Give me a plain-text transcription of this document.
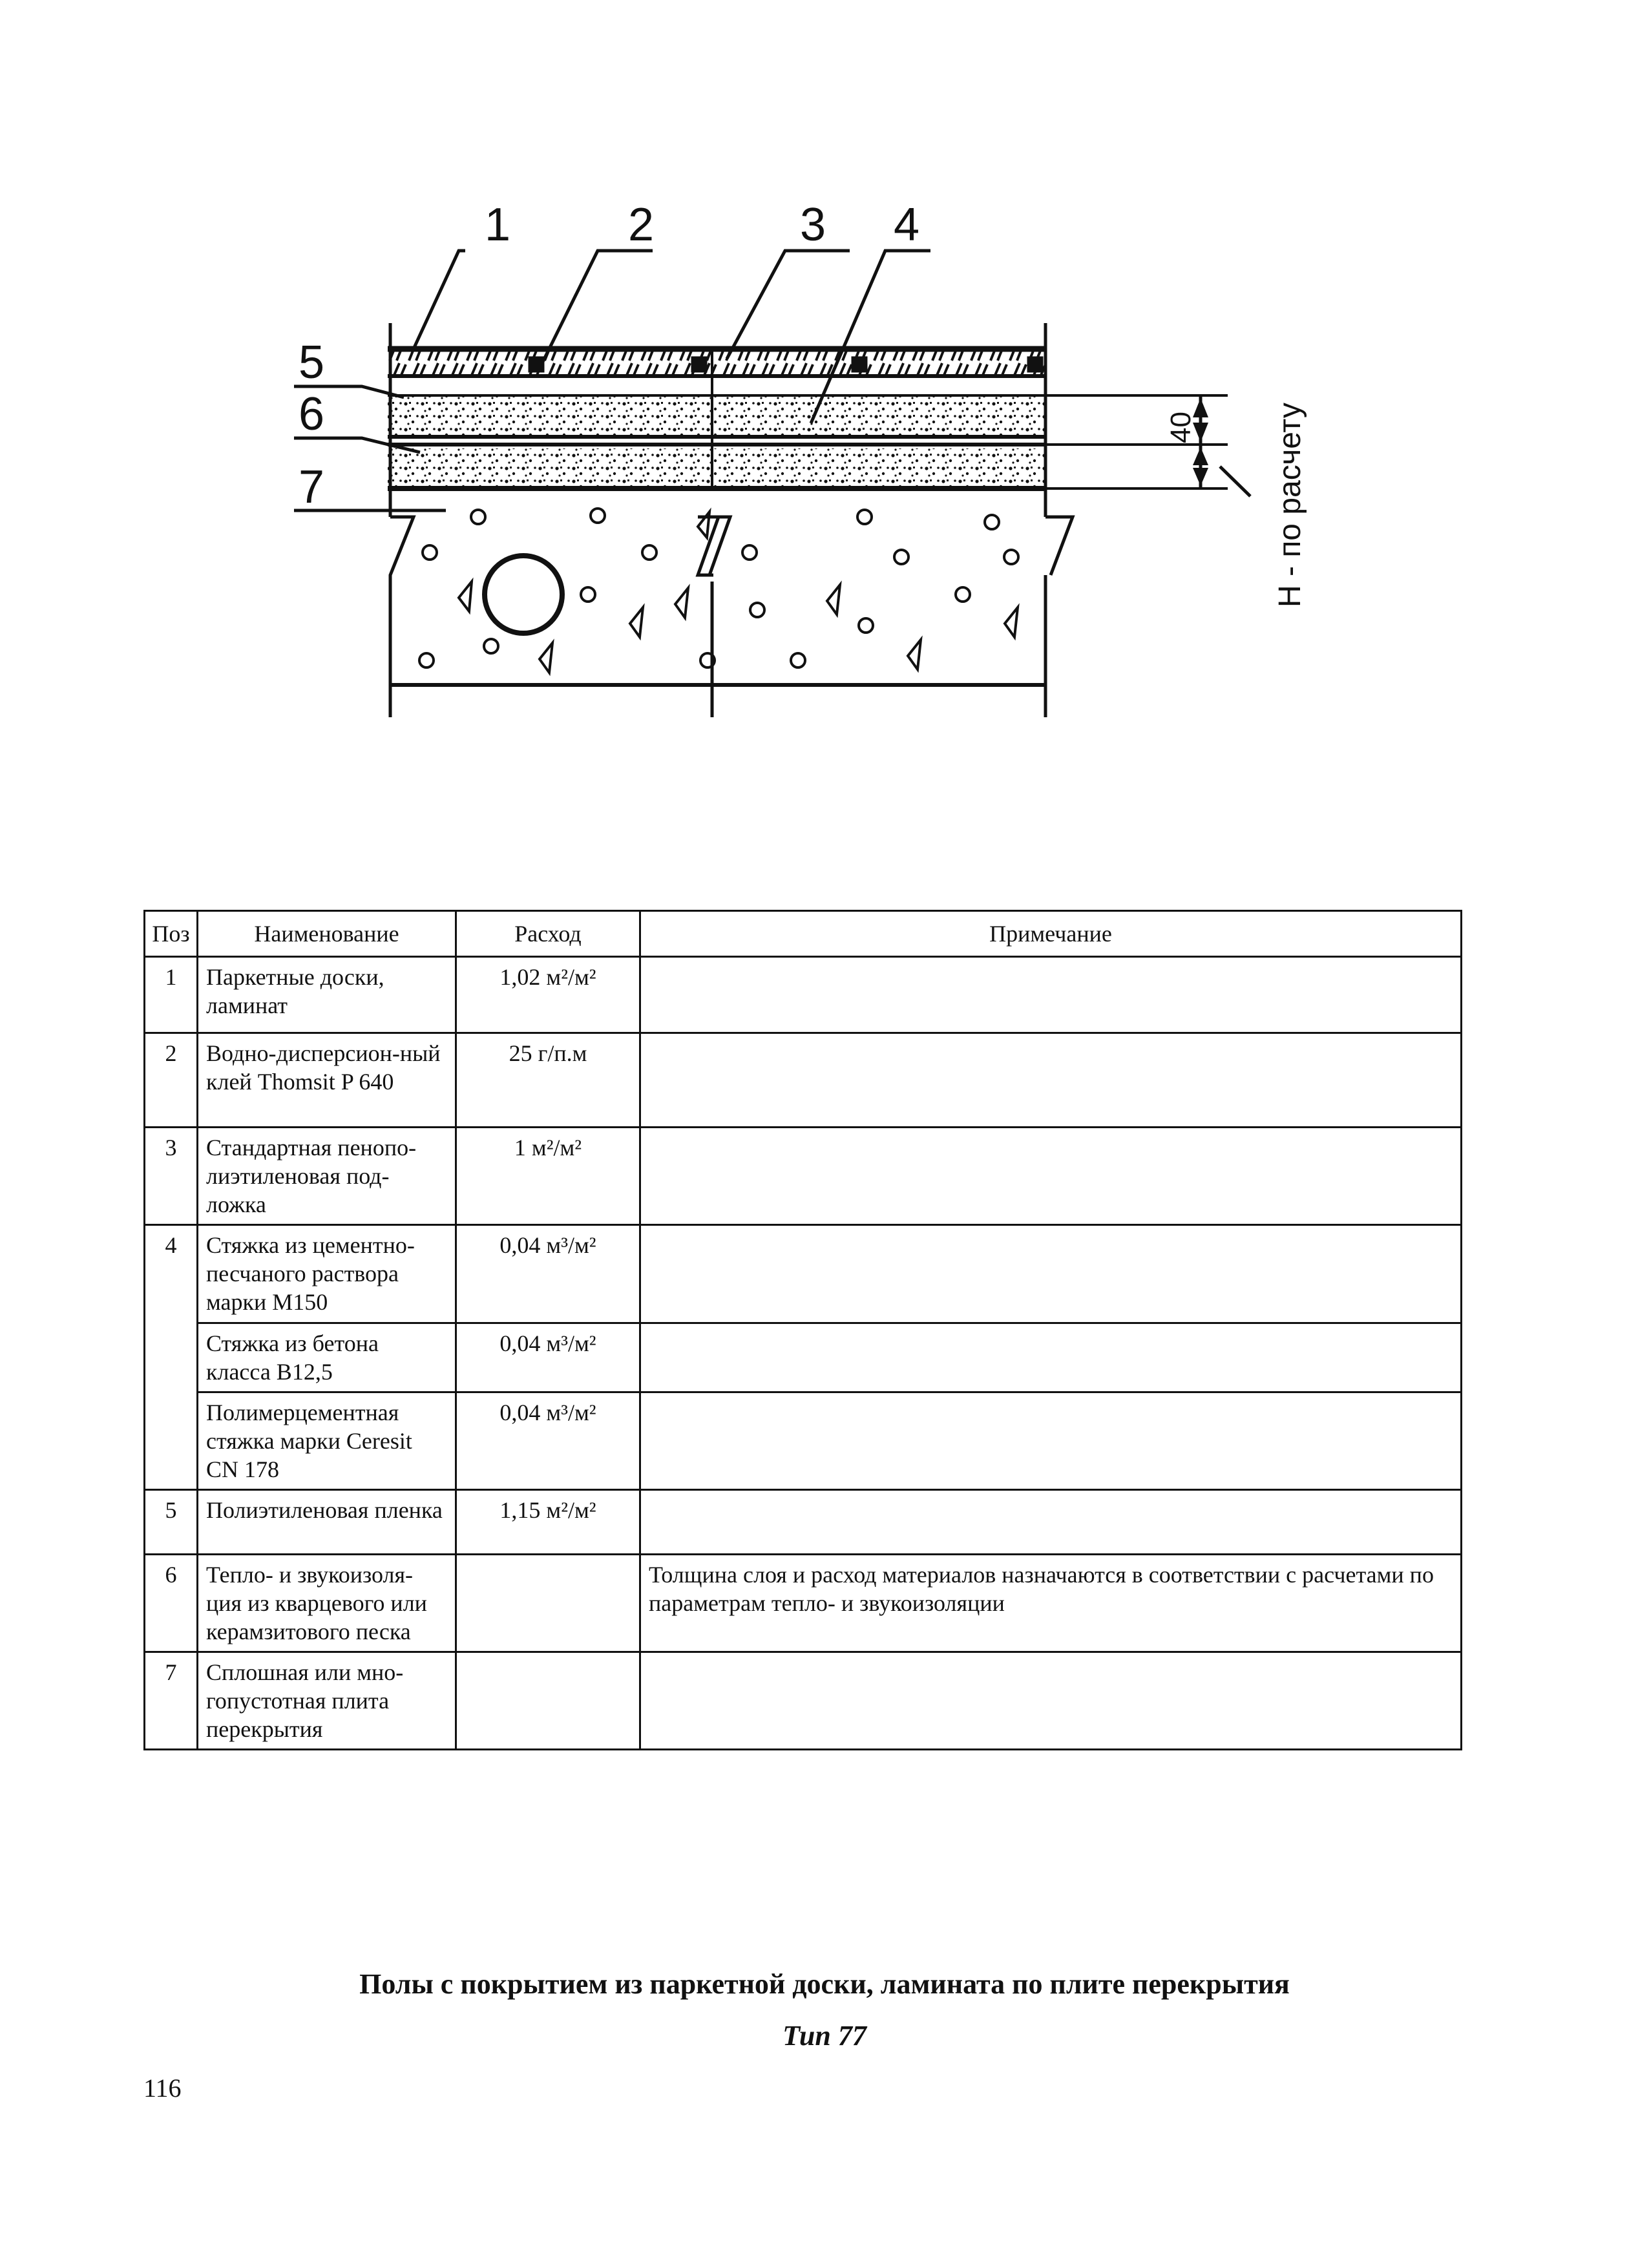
1	2	3 4
5
6
7
40 Н - по расчету
Поз	Наименование	Расход	Примечание
1	Паркетные доски, ламинат	1,02 м²/м²	
2	Водно-дисперсион-ный клей Thomsit P 640	25 г/п.м	
3	Стандартная пенопо-лиэтиленовая под-ложка	1 м²/м²	
4	Стяжка из цементно-песчаного раствора марки М150	0,04 м³/м²	
	Стяжка из бетона класса В12,5	0,04 м³/м²	
	Полимерцементная стяжка марки Ceresit CN 178	0,04 м³/м²	
5	Полиэтиленовая пленка	1,15 м²/м²	
6	Тепло- и звукоизоля-ция из кварцевого или керамзитового песка		Толщина слоя и расход материалов назначаются в соответствии с расчетами по параметрам тепло- и звукоизоляции
7	Сплошная или мно-гопустотная плита перекрытия		
Полы с покрытием из паркетной доски, ламината по плите перекрытия
Тип 77
116
